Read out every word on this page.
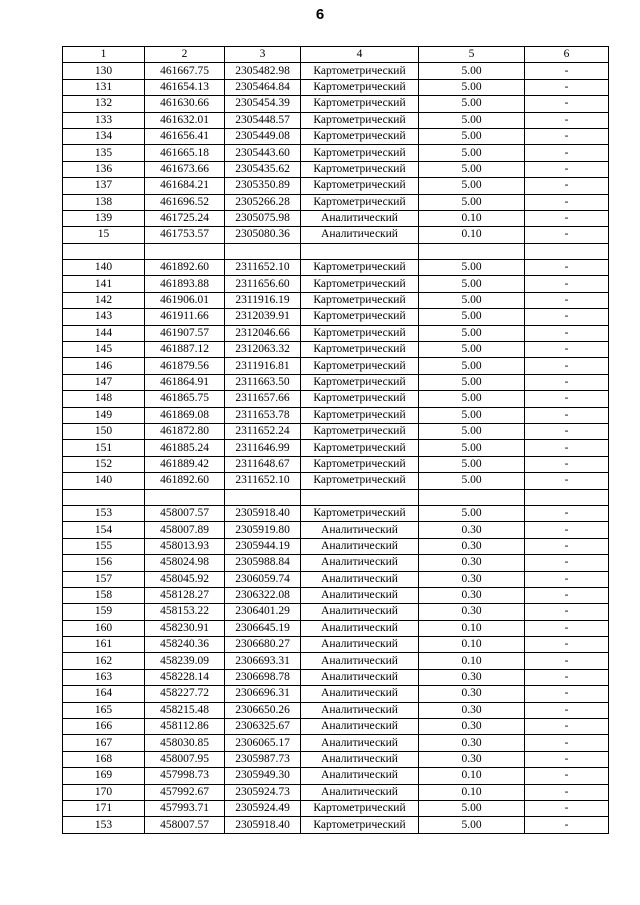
6
1	2	3	4	5	6
130	461667.75	2305482.98	Картометрический	5.00	-
131	461654.13	2305464.84	Картометрический	5.00	-
132	461630.66	2305454.39	Картометрический	5.00	-
133	461632.01	2305448.57	Картометрический	5.00	-
134	461656.41	2305449.08	Картометрический	5.00	-
135	461665.18	2305443.60	Картометрический	5.00	-
136	461673.66	2305435.62	Картометрический	5.00	-
137	461684.21	2305350.89	Картометрический	5.00	-
138	461696.52	2305266.28	Картометрический	5.00	-
139	461725.24	2305075.98	Аналитический	0.10	-
15	461753.57	2305080.36	Аналитический	0.10	-

140	461892.60	2311652.10	Картометрический	5.00	-
141	461893.88	2311656.60	Картометрический	5.00	-
142	461906.01	2311916.19	Картометрический	5.00	-
143	461911.66	2312039.91	Картометрический	5.00	-
144	461907.57	2312046.66	Картометрический	5.00	-
145	461887.12	2312063.32	Картометрический	5.00	-
146	461879.56	2311916.81	Картометрический	5.00	-
147	461864.91	2311663.50	Картометрический	5.00	-
148	461865.75	2311657.66	Картометрический	5.00	-
149	461869.08	2311653.78	Картометрический	5.00	-
150	461872.80	2311652.24	Картометрический	5.00	-
151	461885.24	2311646.99	Картометрический	5.00	-
152	461889.42	2311648.67	Картометрический	5.00	-
140	461892.60	2311652.10	Картометрический	5.00	-

153	458007.57	2305918.40	Картометрический	5.00	-
154	458007.89	2305919.80	Аналитический	0.30	-
155	458013.93	2305944.19	Аналитический	0.30	-
156	458024.98	2305988.84	Аналитический	0.30	-
157	458045.92	2306059.74	Аналитический	0.30	-
158	458128.27	2306322.08	Аналитический	0.30	-
159	458153.22	2306401.29	Аналитический	0.30	-
160	458230.91	2306645.19	Аналитический	0.10	-
161	458240.36	2306680.27	Аналитический	0.10	-
162	458239.09	2306693.31	Аналитический	0.10	-
163	458228.14	2306698.78	Аналитический	0.30	-
164	458227.72	2306696.31	Аналитический	0.30	-
165	458215.48	2306650.26	Аналитический	0.30	-
166	458112.86	2306325.67	Аналитический	0.30	-
167	458030.85	2306065.17	Аналитический	0.30	-
168	458007.95	2305987.73	Аналитический	0.30	-
169	457998.73	2305949.30	Аналитический	0.10	-
170	457992.67	2305924.73	Аналитический	0.10	-
171	457993.71	2305924.49	Картометрический	5.00	-
153	458007.57	2305918.40	Картометрический	5.00	-
